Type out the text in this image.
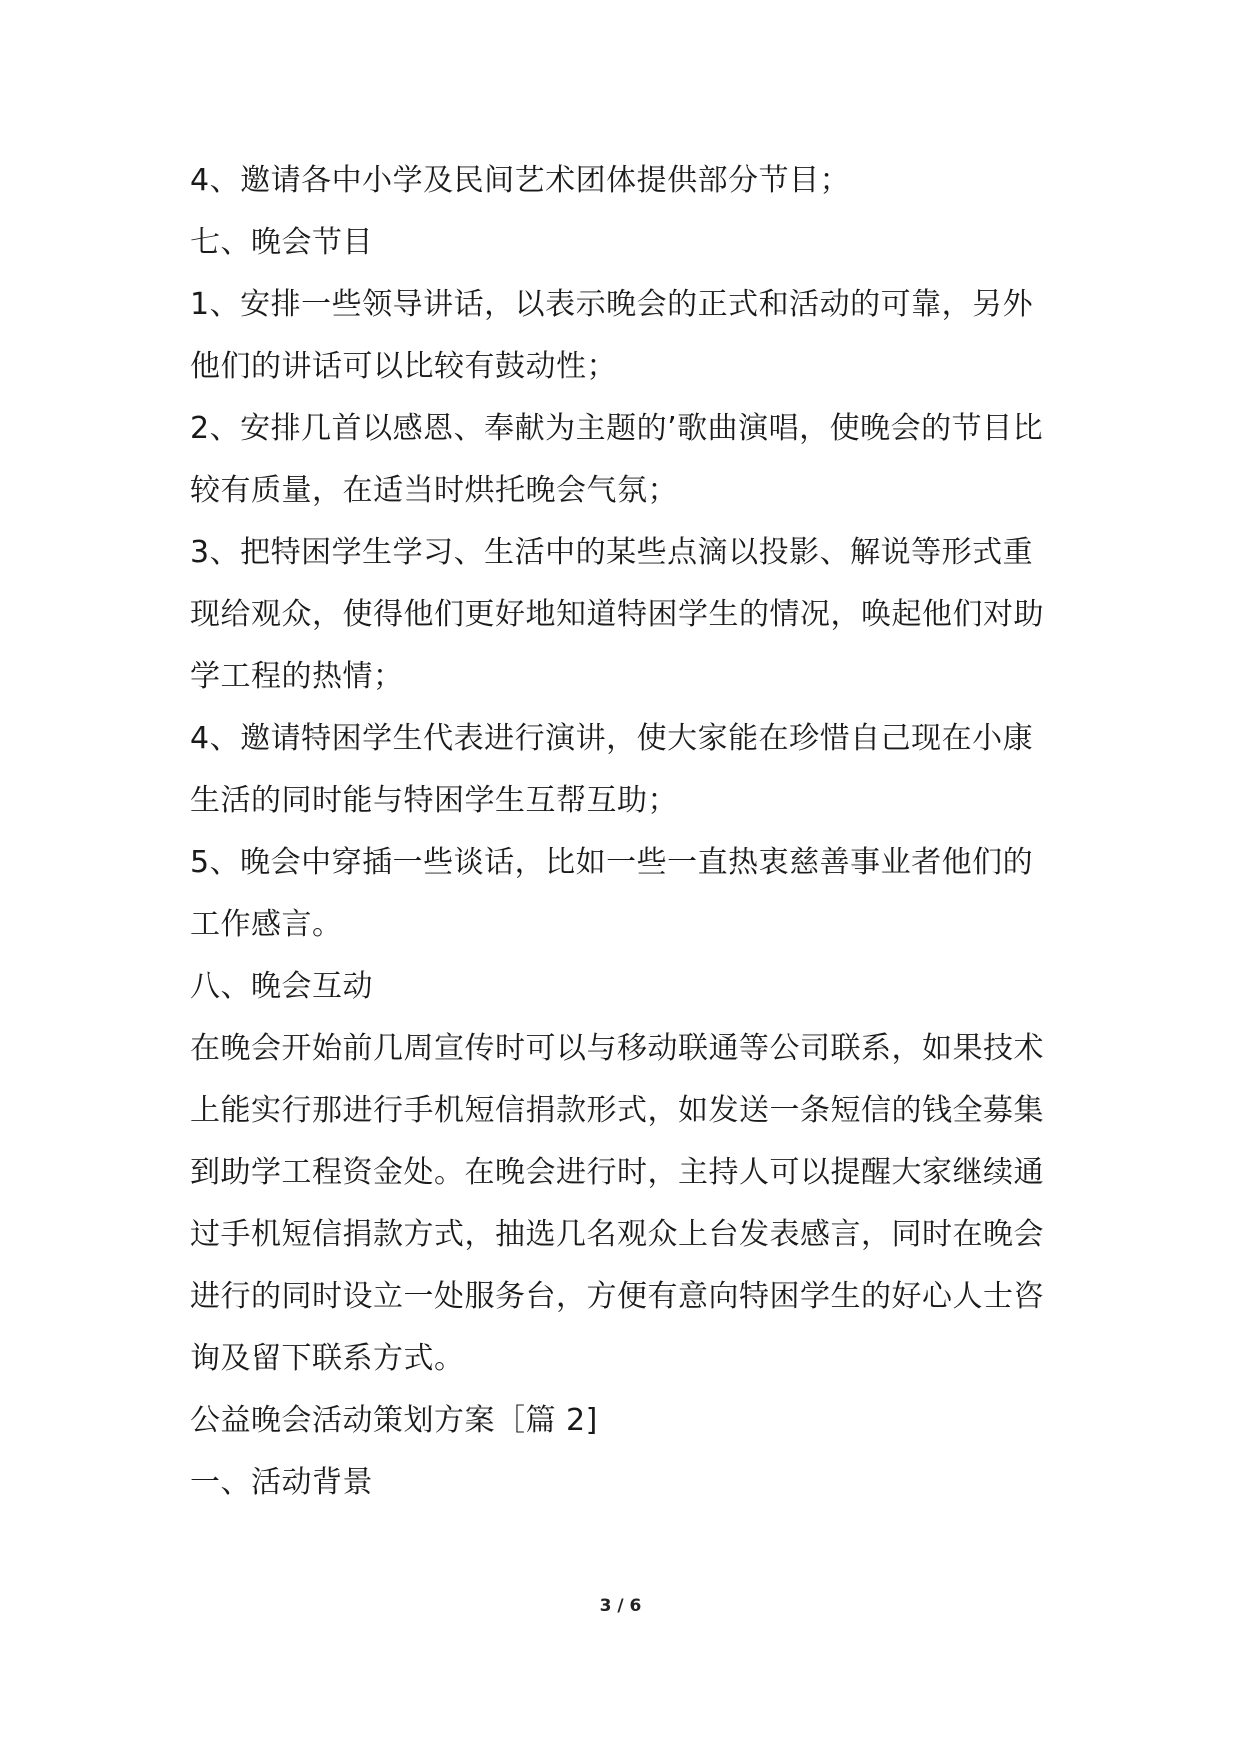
4、邀请各中小学及民间艺术团体提供部分节目；
七、晚会节目
1、安排一些领导讲话，以表示晚会的正式和活动的可靠，另外
他们的讲话可以比较有鼓动性；
2、安排几首以感恩、奉献为主题的’歌曲演唱，使晚会的节目比
较有质量，在适当时烘托晚会气氛；
3、把特困学生学习、生活中的某些点滴以投影、解说等形式重
现给观众，使得他们更好地知道特困学生的情况，唤起他们对助
学工程的热情；
4、邀请特困学生代表进行演讲，使大家能在珍惜自己现在小康
生活的同时能与特困学生互帮互助；
5、晚会中穿插一些谈话，比如一些一直热衷慈善事业者他们的
工作感言。
八、晚会互动
在晚会开始前几周宣传时可以与移动联通等公司联系，如果技术
上能实行那进行手机短信捐款形式，如发送一条短信的钱全募集
到助学工程资金处。在晚会进行时，主持人可以提醒大家继续通
过手机短信捐款方式，抽选几名观众上台发表感言，同时在晚会
进行的同时设立一处服务台，方便有意向特困学生的好心人士咨
询及留下联系方式。
公益晚会活动策划方案［篇 2]
一、活动背景
3 / 6
